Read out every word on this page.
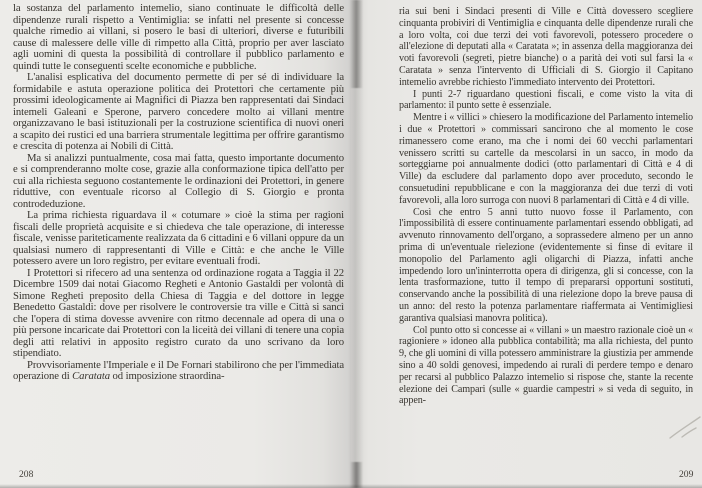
la sostanza del parlamento intemelio, siano continuate le difficoltà delle dipendenze rurali rispetto a Ventimiglia: se infatti nel presente si concesse qualche rimedio ai villani, si posero le basi di ulteriori, diverse e futuribili cause di malessere delle ville di rimpetto alla Città, proprio per aver lasciato agli uomini di questa la possibilità di controllare il pubblico parlamento e quindi tutte le conseguenti scelte economiche e pubbliche.

L'analisi esplicativa del documento permette di per sé di individuare la formidabile e astuta operazione politica dei Protettori che certamente più prossimi ideologicamente ai Magnifici di Piazza ben rappresentati dai Sindaci intemeli Galeani e Sperone, parvero concedere molto ai villani mentre organizzavano le basi istituzionali per la costruzione scientifica di nuovi oneri a scapito dei rustici ed una barriera strumentale legittima per offrire garantismo e crescita di potenza ai Nobili di Città.

Ma si analizzi puntualmente, cosa mai fatta, questo importante documento e si comprenderanno molte cose, grazie alla conformazione tipica dell'atto per cui alla richiesta seguono costantemente le ordinazioni dei Protettori, in genere riduttive, con eventuale ricorso al Collegio di S. Giorgio e pronta controdeduzione.

La prima richiesta riguardava il « cotumare » cioè la stima per ragioni fiscali delle proprietà acquisite e si chiedeva che tale operazione, di interesse fiscale, venisse pariteticamente realizzata da 6 cittadini e 6 villani oppure da un qualsiasi numero di rappresentanti di Ville e Città: e che anche le Ville potessero avere un loro registro, per evitare eventuali frodi.

I Protettori si rifecero ad una sentenza od ordinazione rogata a Taggia il 22 Dicembre 1509 dai notai Giacomo Regheti e Antonio Gastaldi per volontà di Simone Regheti preposito della Chiesa di Taggia e del dottore in legge Benedetto Gastaldi: dove per risolvere le controversie tra ville e Città si sancì che l'opera di stima dovesse avvenire con ritmo decennale ad opera di una o più persone incaricate dai Protettori con la liceità dei villani di tenere una copia degli atti relativi in apposito registro curato da uno scrivano da loro stipendiato.

Provvisoriamente l'Imperiale e il De Fornari stabilirono che per l'immediata operazione di Caratata od imposizione straordina-

208

ria sui beni i Sindaci presenti di Ville e Città dovessero scegliere cinquanta probiviri di Ventimiglia e cinquanta delle dipendenze rurali che a loro volta, coi due terzi dei voti favorevoli, potessero procedere o all'elezione di deputati alla « Caratata »; in assenza della maggioranza dei voti favorevoli (segreti, pietre bianche) o a parità dei voti sul farsi la « Caratata » senza l'intervento di Ufficiali di S. Giorgio il Capitano intemelio avrebbe richiesto l'immediato intervento dei Protettori.

I punti 2-7 riguardano questioni fiscali, e come visto la vita di parlamento: il punto sette è essenziale.

Mentre i « villici » chiesero la modificazione del Parlamento intemelio i due « Protettori » commissari sancirono che al momento le cose rimanessero come erano, ma che i nomi dei 60 vecchi parlamentari venissero scritti su cartelle da mescolarsi in un sacco, in modo da sorteggiarne poi annualmente dodici (otto parlamentari di Città e 4 di Ville) da escludere dal parlamento dopo aver proceduto, secondo le consuetudini repubblicane e con la maggioranza dei due terzi di voti favorevoli, alla loro surroga con nuovi 8 parlamentari di Città e 4 di ville.

Così che entro 5 anni tutto nuovo fosse il Parlamento, con l'impossibilità di essere continuamente parlamentari essendo obbligati, ad avvenuto rinnovamento dell'organo, a soprassedere almeno per un anno prima di un'eventuale rielezione (evidentemente si finse di evitare il monopolio del Parlamento agli oligarchi di Piazza, infatti anche impedendo loro un'ininterrotta opera di dirigenza, gli si concesse, con la lenta trasformazione, tutto il tempo di prepararsi opportuni sostituti, conservando anche la possibilità di una rielezione dopo la breve pausa di un anno: del resto la potenza parlamentare riaffermata ai Ventimigliesi garantiva qualsiasi manovra politica).

Col punto otto si concesse ai « villani » un maestro razionale cioè un « ragioniere » idoneo alla pubblica contabilità; ma alla richiesta, del punto 9, che gli uomini di villa potessero amministrare la giustizia per ammende sino a 40 soldi genovesi, impedendo ai rurali di perdere tempo e denaro per recarsi al pubblico Palazzo intemelio si rispose che, stante la recente elezione dei Campari (sulle « guardie campestri » si veda di seguito, in appen-

209
